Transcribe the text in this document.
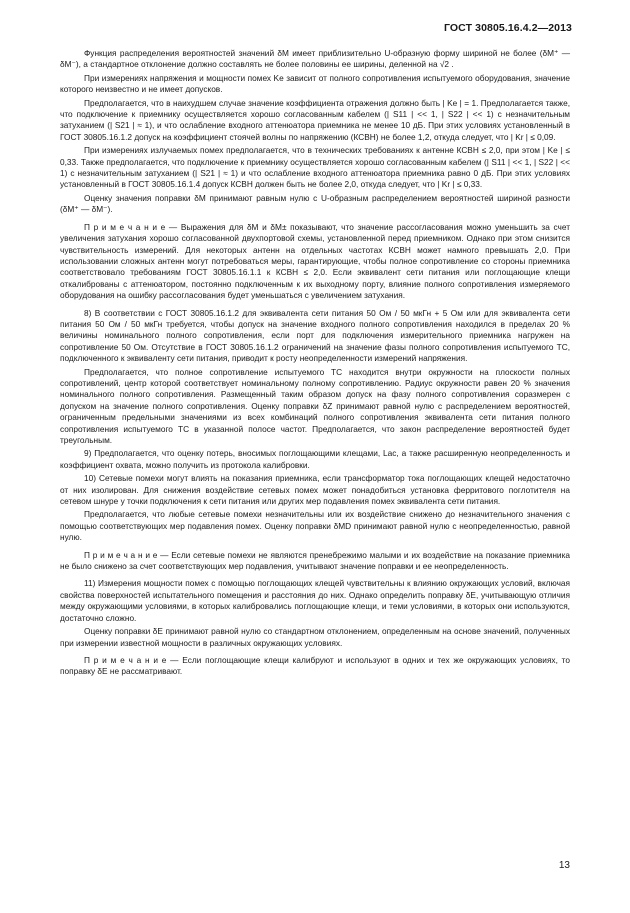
ГОСТ 30805.16.4.2—2013

Функция распределения вероятностей значений δM имеет приблизительно U-образную форму шириной не более (δM⁺ — δM⁻), а стандартное отклонение должно составлять не более половины ее ширины, деленной на √2 .

При измерениях напряжения и мощности помех Ke зависит от полного сопротивления испытуемого оборудования, значение которого неизвестно и не имеет допусков.

Предполагается, что в наихудшем случае значение коэффициента отражения должно быть | Ke | = 1. Предполагается также, что подключение к приемнику осуществляется хорошо согласованным кабелем (| S11 | << 1, | S22 | << 1) с незначительным затуханием (| S21 | ≈ 1), и что ослабление входного аттенюатора приемника не менее 10 дБ. При этих условиях установленный в ГОСТ 30805.16.1.2 допуск на коэффициент стоячей волны по напряжению (КСВН) не более 1,2, откуда следует, что | Kr | ≤ 0,09.

При измерениях излучаемых помех предполагается, что в технических требованиях к антенне КСВН ≤ 2,0, при этом | Ke | ≤ 0,33. Также предполагается, что подключение к приемнику осуществляется хорошо согласованным кабелем (| S11 | << 1, | S22 | << 1) с незначительным затуханием (| S21 | ≈ 1) и что ослабление входного аттенюатора приемника равно 0 дБ. При этих условиях установленный в ГОСТ 30805.16.1.4 допуск КСВН должен быть не более 2,0, откуда следует, что | Kr | ≤ 0,33.

Оценку значения поправки δM принимают равным нулю с U-образным распределением вероятностей шириной разности (δM⁺ — δM⁻).

П р и м е ч а н и е — Выражения для δM и δM± показывают, что значение рассогласования можно уменьшить за счет увеличения затухания хорошо согласованной двухпортовой схемы, установленной перед приемником. Однако при этом снизится чувствительность измерений. Для некоторых антенн на отдельных частотах КСВН может намного превышать 2,0. При использовании сложных антенн могут потребоваться меры, гарантирующие, чтобы полное сопротивление со стороны приемника соответствовало требованиям ГОСТ 30805.16.1.1 к КСВН ≤ 2,0. Если эквивалент сети питания или поглощающие клещи откалиброваны с аттенюатором, постоянно подключенным к их выходному порту, влияние полного сопротивления измеряемого оборудования на ошибку рассогласования будет уменьшаться с увеличением затухания.

8) В соответствии с ГОСТ 30805.16.1.2 для эквивалента сети питания 50 Ом / 50 мкГн + 5 Ом или для эквивалента сети питания 50 Ом / 50 мкГн требуется, чтобы допуск на значение входного полного сопротивления находился в пределах 20 % величины номинального полного сопротивления, если порт для подключения измерительного приемника нагружен на сопротивление 50 Ом. Отсутствие в ГОСТ 30805.16.1.2 ограничений на значение фазы полного сопротивления испытуемого ТС, подключенного к эквиваленту сети питания, приводит к росту неопределенности измерений напряжения.

Предполагается, что полное сопротивление испытуемого ТС находится внутри окружности на плоскости полных сопротивлений, центр которой соответствует номинальному полному сопротивлению. Радиус окружности равен 20 % значения номинального полного сопротивления. Размещенный таким образом допуск на фазу полного сопротивления соразмерен с допуском на значение полного сопротивления. Оценку поправки δZ принимают равной нулю с распределением вероятностей, ограниченным предельными значениями из всех комбинаций полного сопротивления эквивалента сети питания полного сопротивления испытуемого ТС в указанной полосе частот. Предполагается, что закон распределение вероятностей будет треугольным.

9) Предполагается, что оценку потерь, вносимых поглощающими клещами, Lac, а также расширенную неопределенность и коэффициент охвата, можно получить из протокола калибровки.

10) Сетевые помехи могут влиять на показания приемника, если трансформатор тока поглощающих клещей недостаточно от них изолирован. Для снижения воздействие сетевых помех может понадобиться установка ферритового поглотителя на сетевом шнуре у точки подключения к сети питания или других мер подавления помех эквивалента сети питания.

Предполагается, что любые сетевые помехи незначительны или их воздействие снижено до незначительного значения с помощью соответствующих мер подавления помех. Оценку поправки δMD принимают равной нулю с неопределенностью, равной нулю.

П р и м е ч а н и е — Если сетевые помехи не являются пренебрежимо малыми и их воздействие на показание приемника не было снижено за счет соответствующих мер подавления, учитывают значение поправки и ее неопределенность.

11) Измерения мощности помех с помощью поглощающих клещей чувствительны к влиянию окружающих условий, включая свойства поверхностей испытательного помещения и расстояния до них. Однако определить поправку δE, учитывающую отличия между окружающими условиями, в которых калибровались поглощающие клещи, и теми условиями, в которых они используются, достаточно сложно.

Оценку поправки δE принимают равной нулю со стандартном отклонением, определенным на основе значений, полученных при измерении известной мощности в различных окружающих условиях.

П р и м е ч а н и е — Если поглощающие клещи калибруют и используют в одних и тех же окружающих условиях, то поправку δE не рассматривают.

13
